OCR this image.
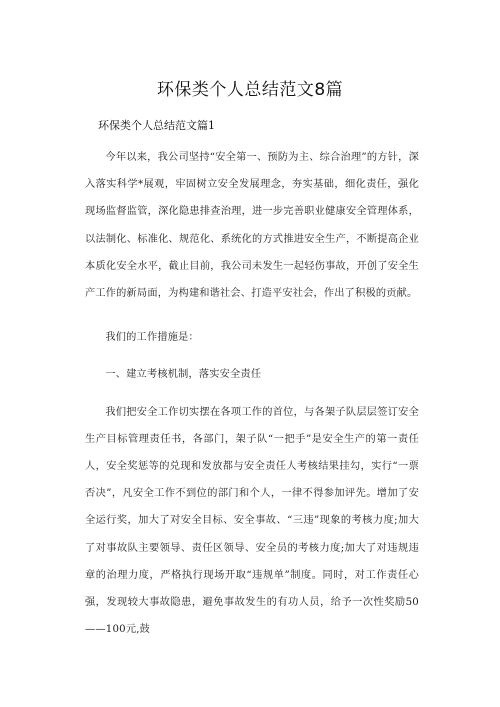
环保类个人总结范文8篇
环保类个人总结范文篇1

今年以来，我公司坚持“安全第一、预防为主、综合治理”的方针，深入落实科学*展观，牢固树立安全发展理念，夯实基础，细化责任，强化现场监督监管，深化隐患排查治理，进一步完善职业健康安全管理体系，以法制化、标准化、规范化、系统化的方式推进安全生产，不断提高企业本质化安全水平，截止目前，我公司未发生一起轻伤事故，开创了安全生产工作的新局面，为构建和谐社会、打造平安社会，作出了积极的贡献。

我们的工作措施是：

一、建立考核机制，落实安全责任

我们把安全工作切实摆在各项工作的首位，与各架子队层层签订安全生产目标管理责任书，各部门，架子队“一把手”是安全生产的第一责任人，安全奖惩等的兑现和发放都与安全责任人考核结果挂勾，实行“一票否决”，凡安全工作不到位的部门和个人，一律不得参加评先。增加了安全运行奖，加大了对安全目标、安全事故、“三违”现象的考核力度;加大了对事故队主要领导、责任区领导、安全员的考核力度;加大了对违规违章的治理力度，严格执行现场开取“违规单”制度。同时，对工作责任心强，发现较大事故隐患，避免事故发生的有功人员，给予一次性奖励50——100元,鼓
